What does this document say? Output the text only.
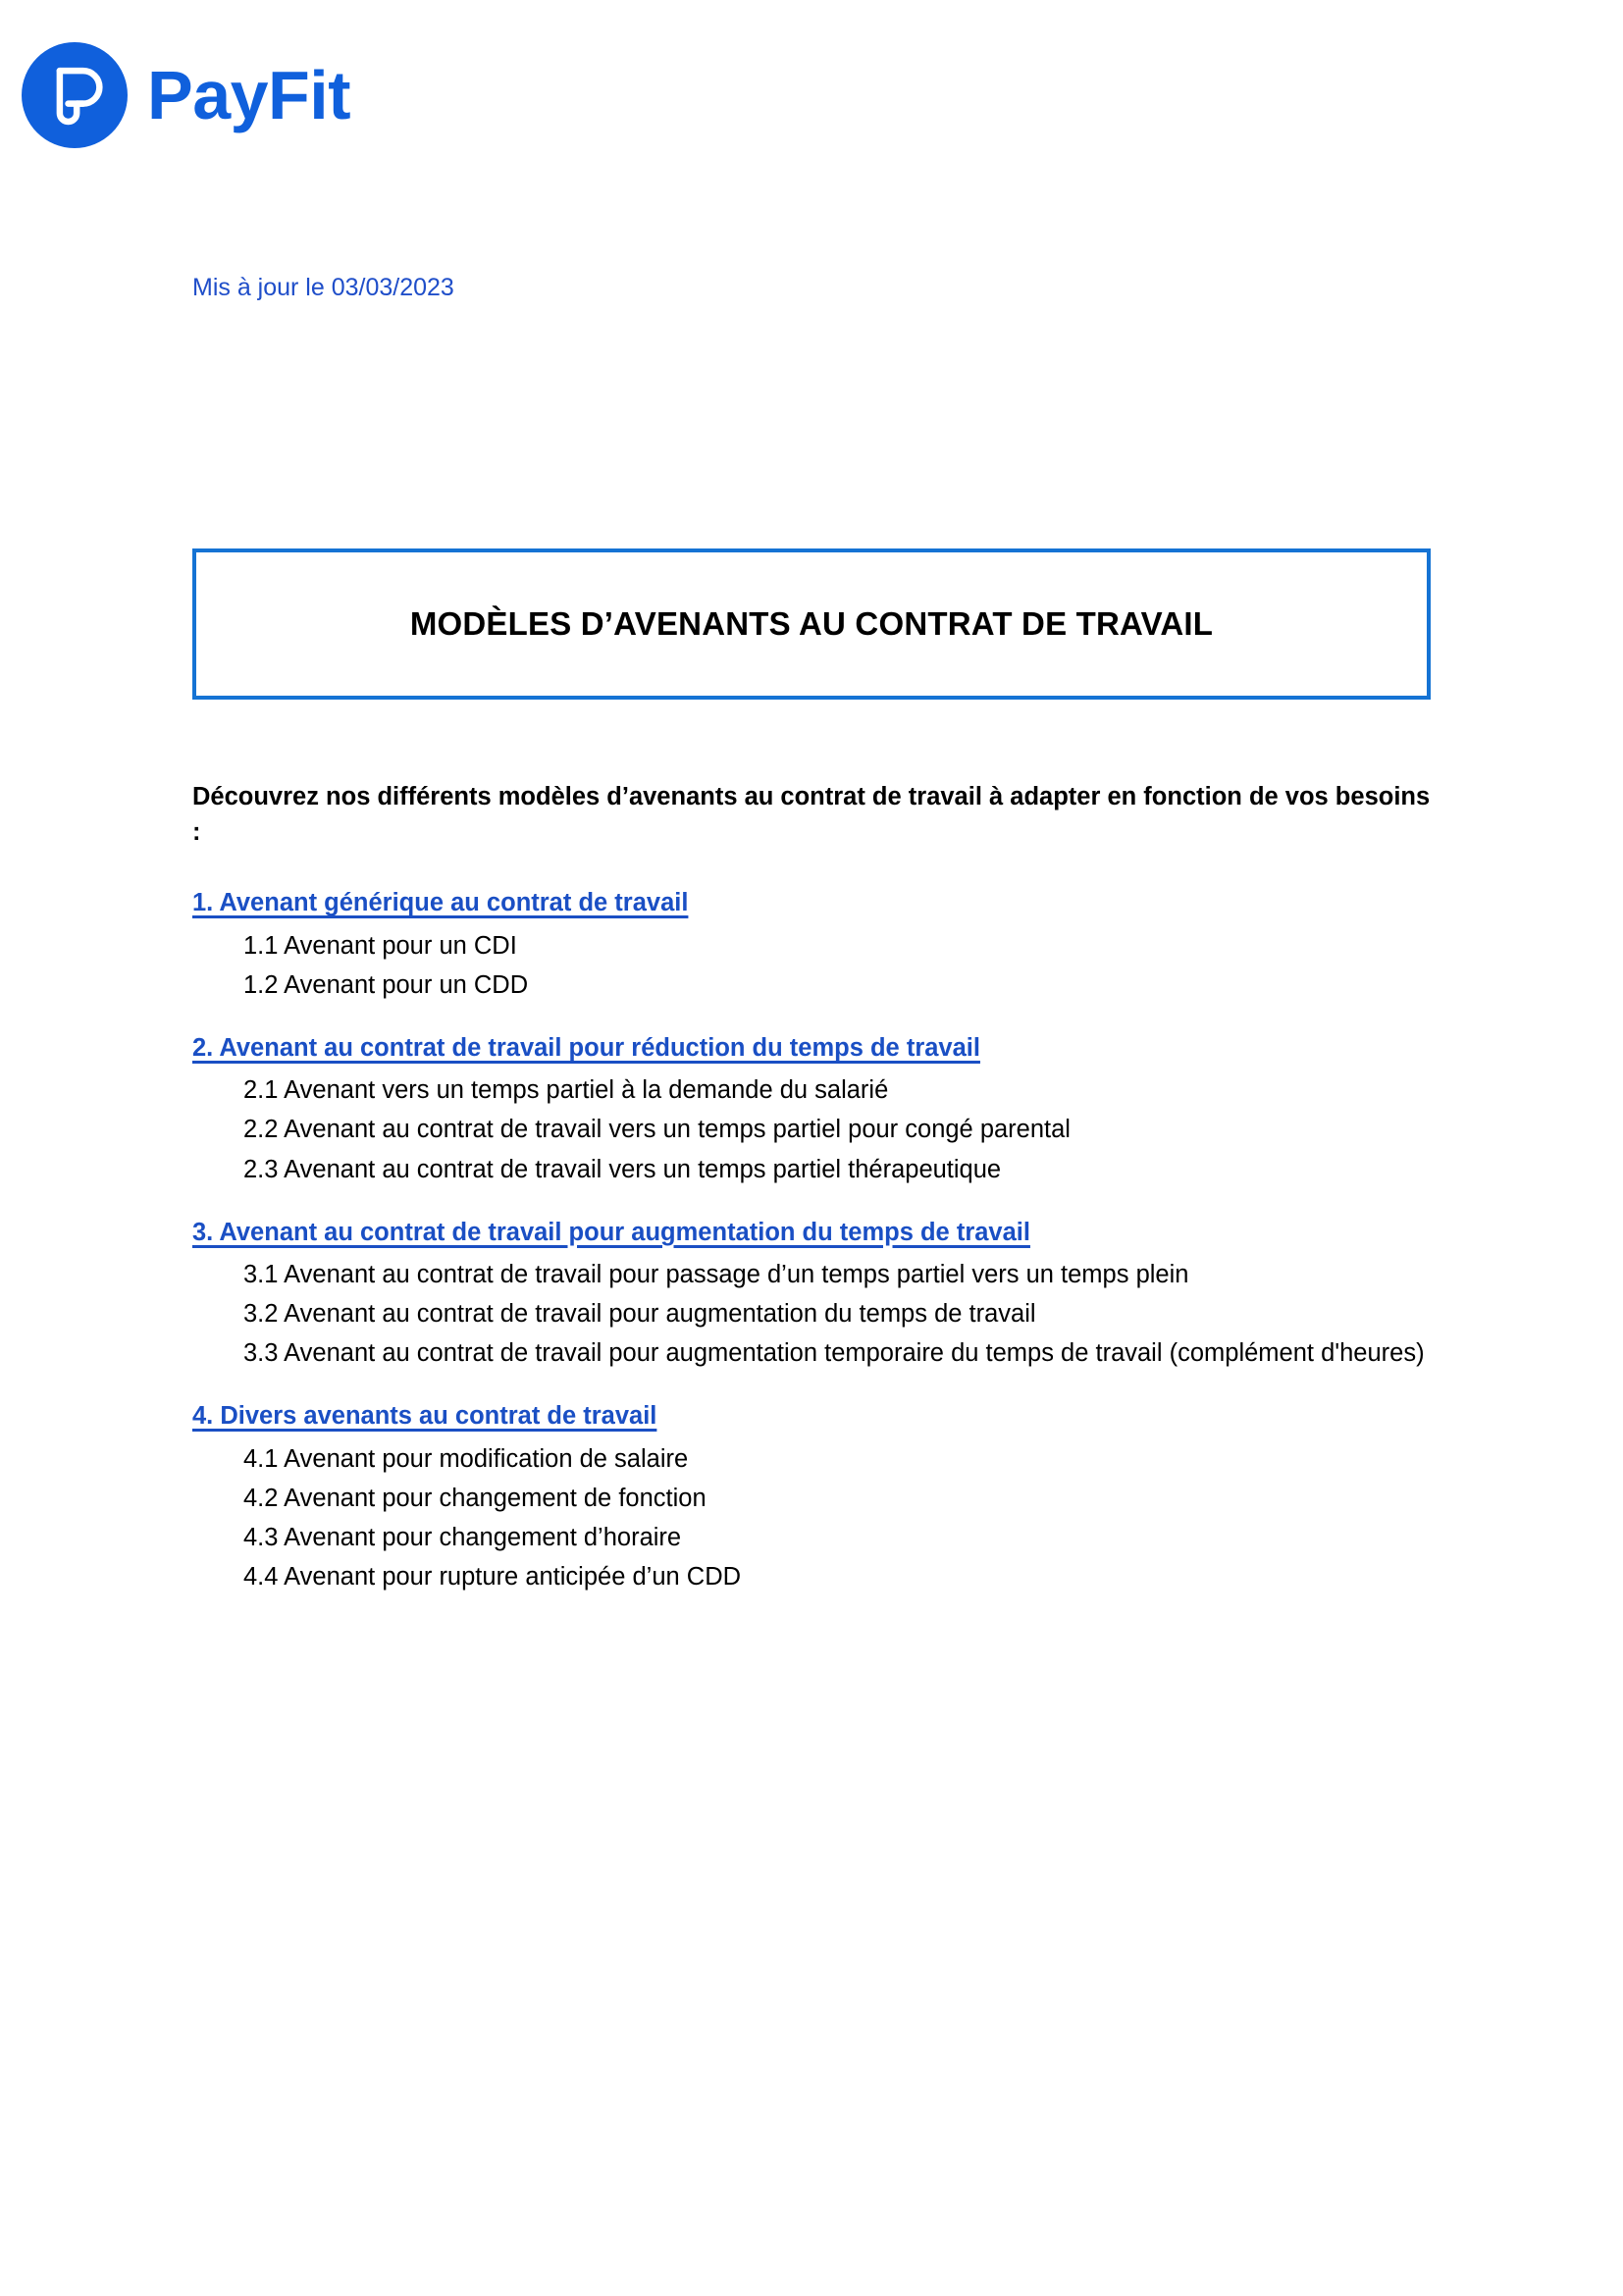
PayFit
Mis à jour le 03/03/2023
MODÈLES D’AVENANTS AU CONTRAT DE TRAVAIL

Découvrez nos différents modèles d’avenants au contrat de travail à adapter en fonction de vos besoins :

1. Avenant générique au contrat de travail
1.1 Avenant pour un CDI
1.2 Avenant pour un CDD
2. Avenant au contrat de travail pour réduction du temps de travail
2.1 Avenant vers un temps partiel à la demande du salarié
2.2 Avenant au contrat de travail vers un temps partiel pour congé parental
2.3 Avenant au contrat de travail vers un temps partiel thérapeutique
3. Avenant au contrat de travail pour augmentation du temps de travail
3.1 Avenant au contrat de travail pour passage d’un temps partiel vers un temps plein
3.2 Avenant au contrat de travail pour augmentation du temps de travail
3.3 Avenant au contrat de travail pour augmentation temporaire du temps de travail (complément d'heures)
4. Divers avenants au contrat de travail
4.1 Avenant pour modification de salaire
4.2 Avenant pour changement de fonction
4.3 Avenant pour changement d’horaire
4.4 Avenant pour rupture anticipée d’un CDD
